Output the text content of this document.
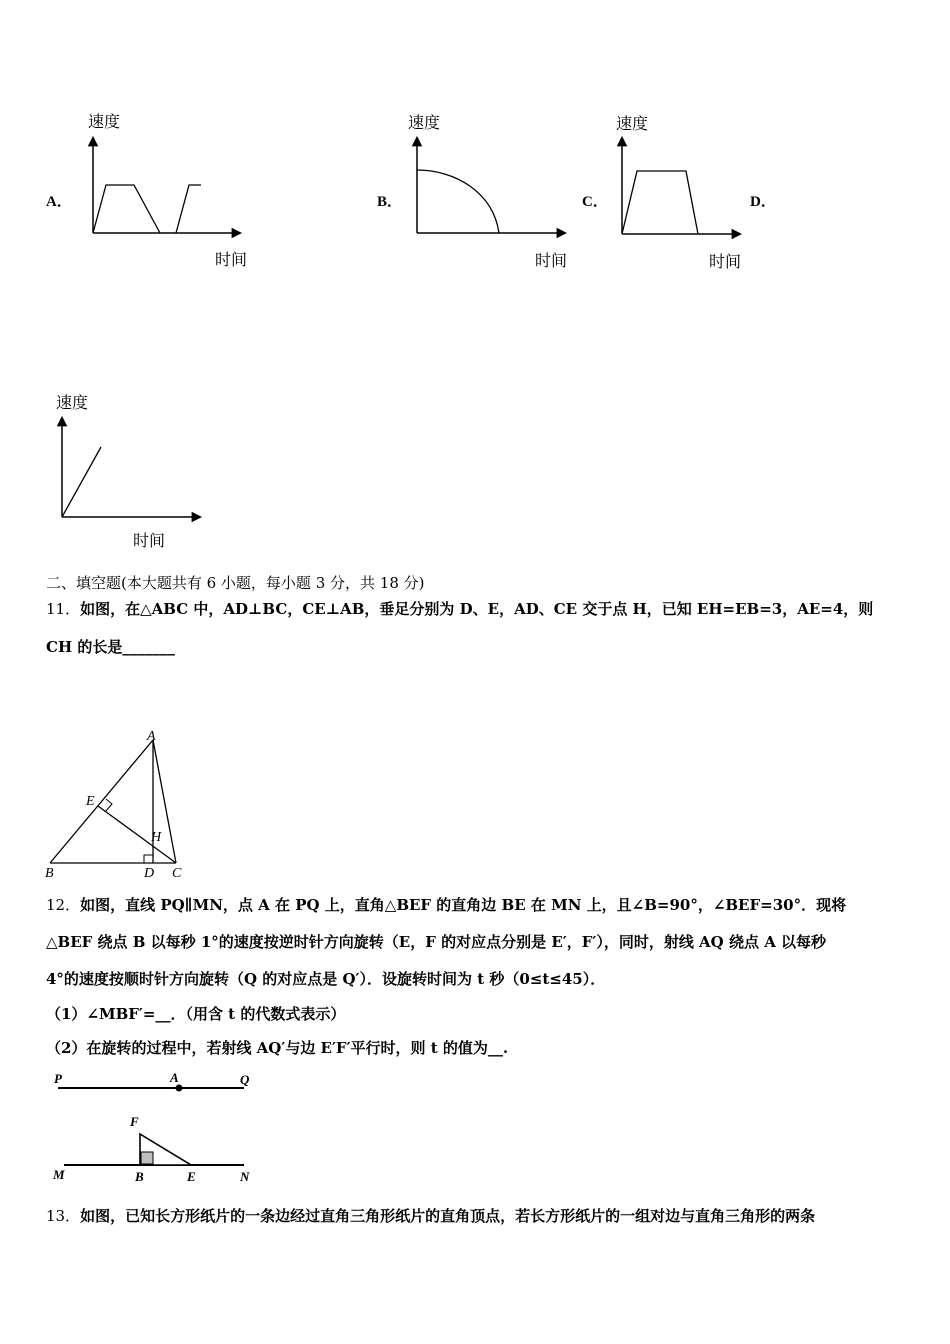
A．	B．	C．	D．
速度
时间
速度
时间
速度
时间
速度
时间
二、填空题(本大题共有 6 小题，每小题 3 分，共 18 分)
11．如图，在△ABC 中，AD⊥BC，CE⊥AB，垂足分别为 D、E，AD、CE 交于点 H，已知 EH=EB=3，AE=4，则
CH 的长是_______
A
B	C
D
E
H
12．如图，直线 PQ∥MN，点 A 在 PQ 上，直角△BEF 的直角边 BE 在 MN 上，且∠B=90°，∠BEF=30°．现将
△BEF 绕点 B 以每秒 1°的速度按逆时针方向旋转（E，F 的对应点分别是 E′，F′），同时，射线 AQ 绕点 A 以每秒
4°的速度按顺时针方向旋转（Q 的对应点是 Q′）．设旋转时间为 t 秒（0≤t≤45）．
（1）∠MBF′=__．（用含 t 的代数式表示）
（2）在旋转的过程中，若射线 AQ′与边 E′F′平行时，则 t 的值为__.
P	A	Q
F
M	B	E	N
13．如图，已知长方形纸片的一条边经过直角三角形纸片的直角顶点，若长方形纸片的一组对边与直角三角形的两条
